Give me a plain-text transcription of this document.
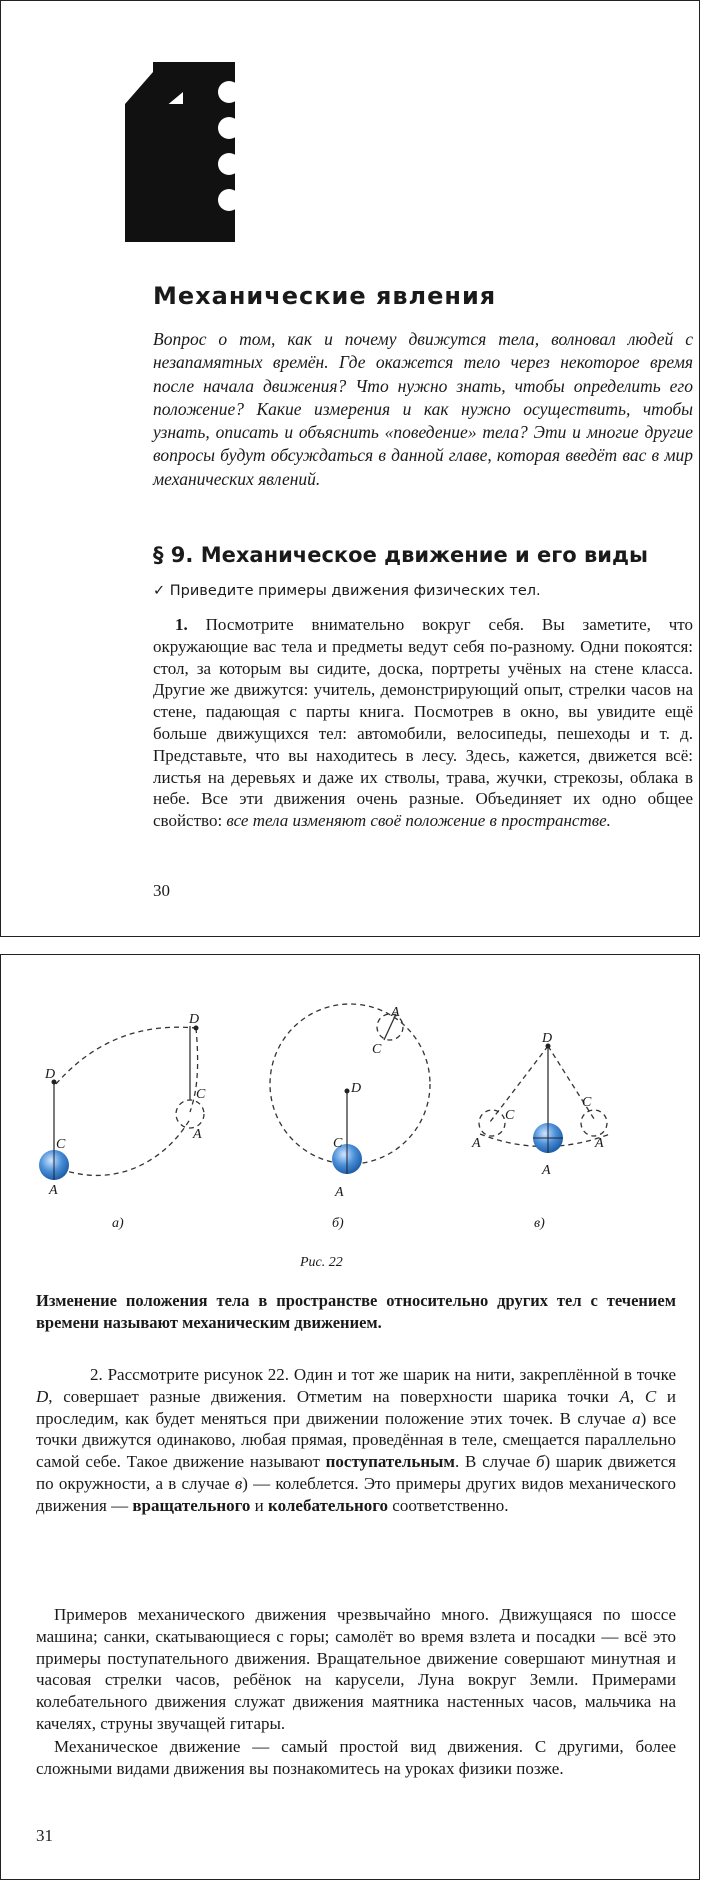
1
Механические явления

Вопрос о том, как и почему движутся тела, волновал людей с незапамятных времён. Где окажется тело через некоторое время после начала движения? Что нужно знать, чтобы определить его положение? Какие измерения и как нужно осуществить, чтобы узнать, описать и объяснить «поведение» тела? Эти и многие другие вопросы будут обсуждаться в данной главе, которая введёт вас в мир механических явлений.

§ 9. Механическое движение и его виды

✓ Приведите примеры движения физических тел.

1. Посмотрите внимательно вокруг себя. Вы заметите, что окружающие вас тела и предметы ведут себя по-разному. Одни покоятся: стол, за которым вы сидите, доска, портреты учёных на стене класса. Другие же движутся: учитель, демонстрирующий опыт, стрелки часов на стене, падающая с парты книга. Посмотрев в окно, вы увидите ещё больше движущихся тел: автомобили, велосипеды, пешеходы и т. д. Представьте, что вы находитесь в лесу. Здесь, кажется, движется всё: листья на деревьях и даже их стволы, трава, жучки, стрекозы, облака в небе. Все эти движения очень разные. Объединяет их одно общее свойство: все тела изменяют своё положение в пространстве.

30
D
D
C
A
C
A
A
C
D
C
A
D
C
A
C
A
A
а)	б)	в)
Рис. 22

Изменение положения тела в пространстве относительно других тел с течением времени называют механическим движением.

2. Рассмотрите рисунок 22. Один и тот же шарик на нити, закреплённой в точке D, совершает разные движения. Отметим на поверхности шарика точки A, C и проследим, как будет меняться при движении положение этих точек. В случае а) все точки движутся одинаково, любая прямая, проведённая в теле, смещается параллельно самой себе. Такое движение называют поступательным. В случае б) шарик движется по окружности, а в случае в) — колеблется. Это примеры других видов механического движения — вращательного и колебательного соответственно.

Примеров механического движения чрезвычайно много. Движущаяся по шоссе машина; санки, скатывающиеся с горы; самолёт во время взлета и посадки — всё это примеры поступательного движения. Вращательное движение совершают минутная и часовая стрелки часов, ребёнок на карусели, Луна вокруг Земли. Примерами колебательного движения служат движения маятника настенных часов, мальчика на качелях, струны звучащей гитары.

Механическое движение — самый простой вид движения. С другими, более сложными видами движения вы познакомитесь на уроках физики позже.

31
